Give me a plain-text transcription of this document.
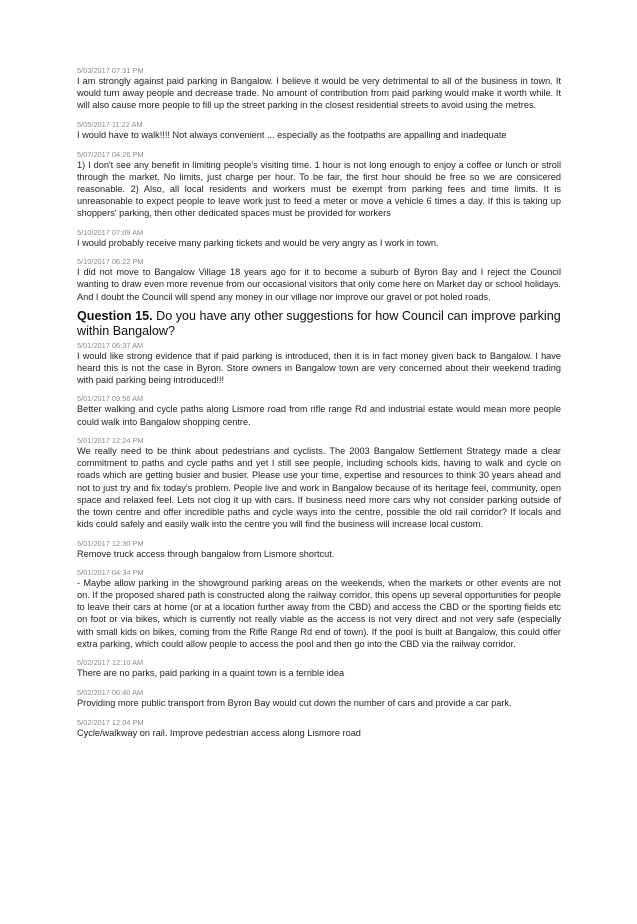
5/03/2017 07:31 PM

I am strongly against paid parking in Bangalow. I believe it would be very detrimental to all of the business in town. It would turn away people and decrease trade. No amount of contribution from paid parking would make it worth while. It will also cause more people to fill up the street parking in the closest residential streets to avoid using the metres.

5/05/2017 11:22 AM

I would have to walk!!!! Not always convenient ... especially as the footpaths are appalling and inadequate

5/07/2017 04:26 PM

1) I don't see any benefit in limiting people's visiting time. 1 hour is not long enough to enjoy a coffee or lunch or stroll through the market. No limits, just charge per hour. To be fair, the first hour should be free so we are consicered reasonable. 2) Also, all local residents and workers must be exempt from parking fees and time limits. It is unreasonable to expect people to leave work just to feed a meter or move a vehicle 6 times a day. If this is taking up shoppers' parking, then other dedicated spaces must be provided for workers

5/10/2017 07:09 AM

I would probably receive many parking tickets and would be very angry as I work in town.

5/10/2017 06:22 PM

I did not move to Bangalow Village 18 years ago for it to become a suburb of Byron Bay and I reject the Council wanting to draw even more revenue from our occasional visitors that only come here on Market day or school holidays. And I doubt the Council will spend any money in our village nor improve our gravel or pot holed roads.

Question 15. Do you have any other suggestions for how Council can improve parking within Bangalow?

5/01/2017 06:37 AM

I would like strong evidence that if paid parking is introduced, then it is in fact money given back to Bangalow. I have heard this is not the case in Byron. Store owners in Bangalow town are very concerned about their weekend trading with paid parking being introduced!!!

5/01/2017 09:56 AM

Better walking and cycle paths along Lismore road from rifle range Rd and industrial estate would mean more people could walk into Bangalow shopping centre.

5/01/2017 12:24 PM

We really need to be think about pedestrians and cyclists. The 2003 Bangalow Settlement Strategy made a clear commitment to paths and cycle paths and yet I still see people, including schools kids, having to walk and cycle on roads which are getting busier and busier. Please use your time, expertise and resources to think 30 years ahead and not to just try and fix today's problem. People live and work in Bangalow because of its heritage feel, community, open space and relaxed feel. Lets not clog it up with cars. If business need more cars why not consider parking outside of the town centre and offer incredible paths and cycle ways into the centre, possible the old rail corridor? If locals and kids could safely and easily walk into the centre you will find the business will increase local custom.

5/01/2017 12:30 PM

Remove truck access through bangalow from Lismore shortcut.

5/01/2017 04:34 PM

- Maybe allow parking in the showground parking areas on the weekends, when the markets or other events are not on. If the proposed shared path is constructed along the railway corridor, this opens up several opportunities for people to leave their cars at home (or at a location further away from the CBD) and access the CBD or the sporting fields etc on foot or via bikes, which is currently not really viable as the access is not very direct and not very safe (especially with small kids on bikes, coming from the Rifle Range Rd end of town). If the pool is built at Bangalow, this could offer extra parking, which could allow people to access the pool and then go into the CBD via the railway corridor.

5/02/2017 12:10 AM

There are no parks, paid parking in a quaint town is a terrible idea

5/02/2017 06:40 AM

Providing more public transport from Byron Bay would cut down the number of cars and provide a car park.

5/02/2017 12:04 PM

Cycle/walkway on rail. Improve pedestrian access along Lismore road
